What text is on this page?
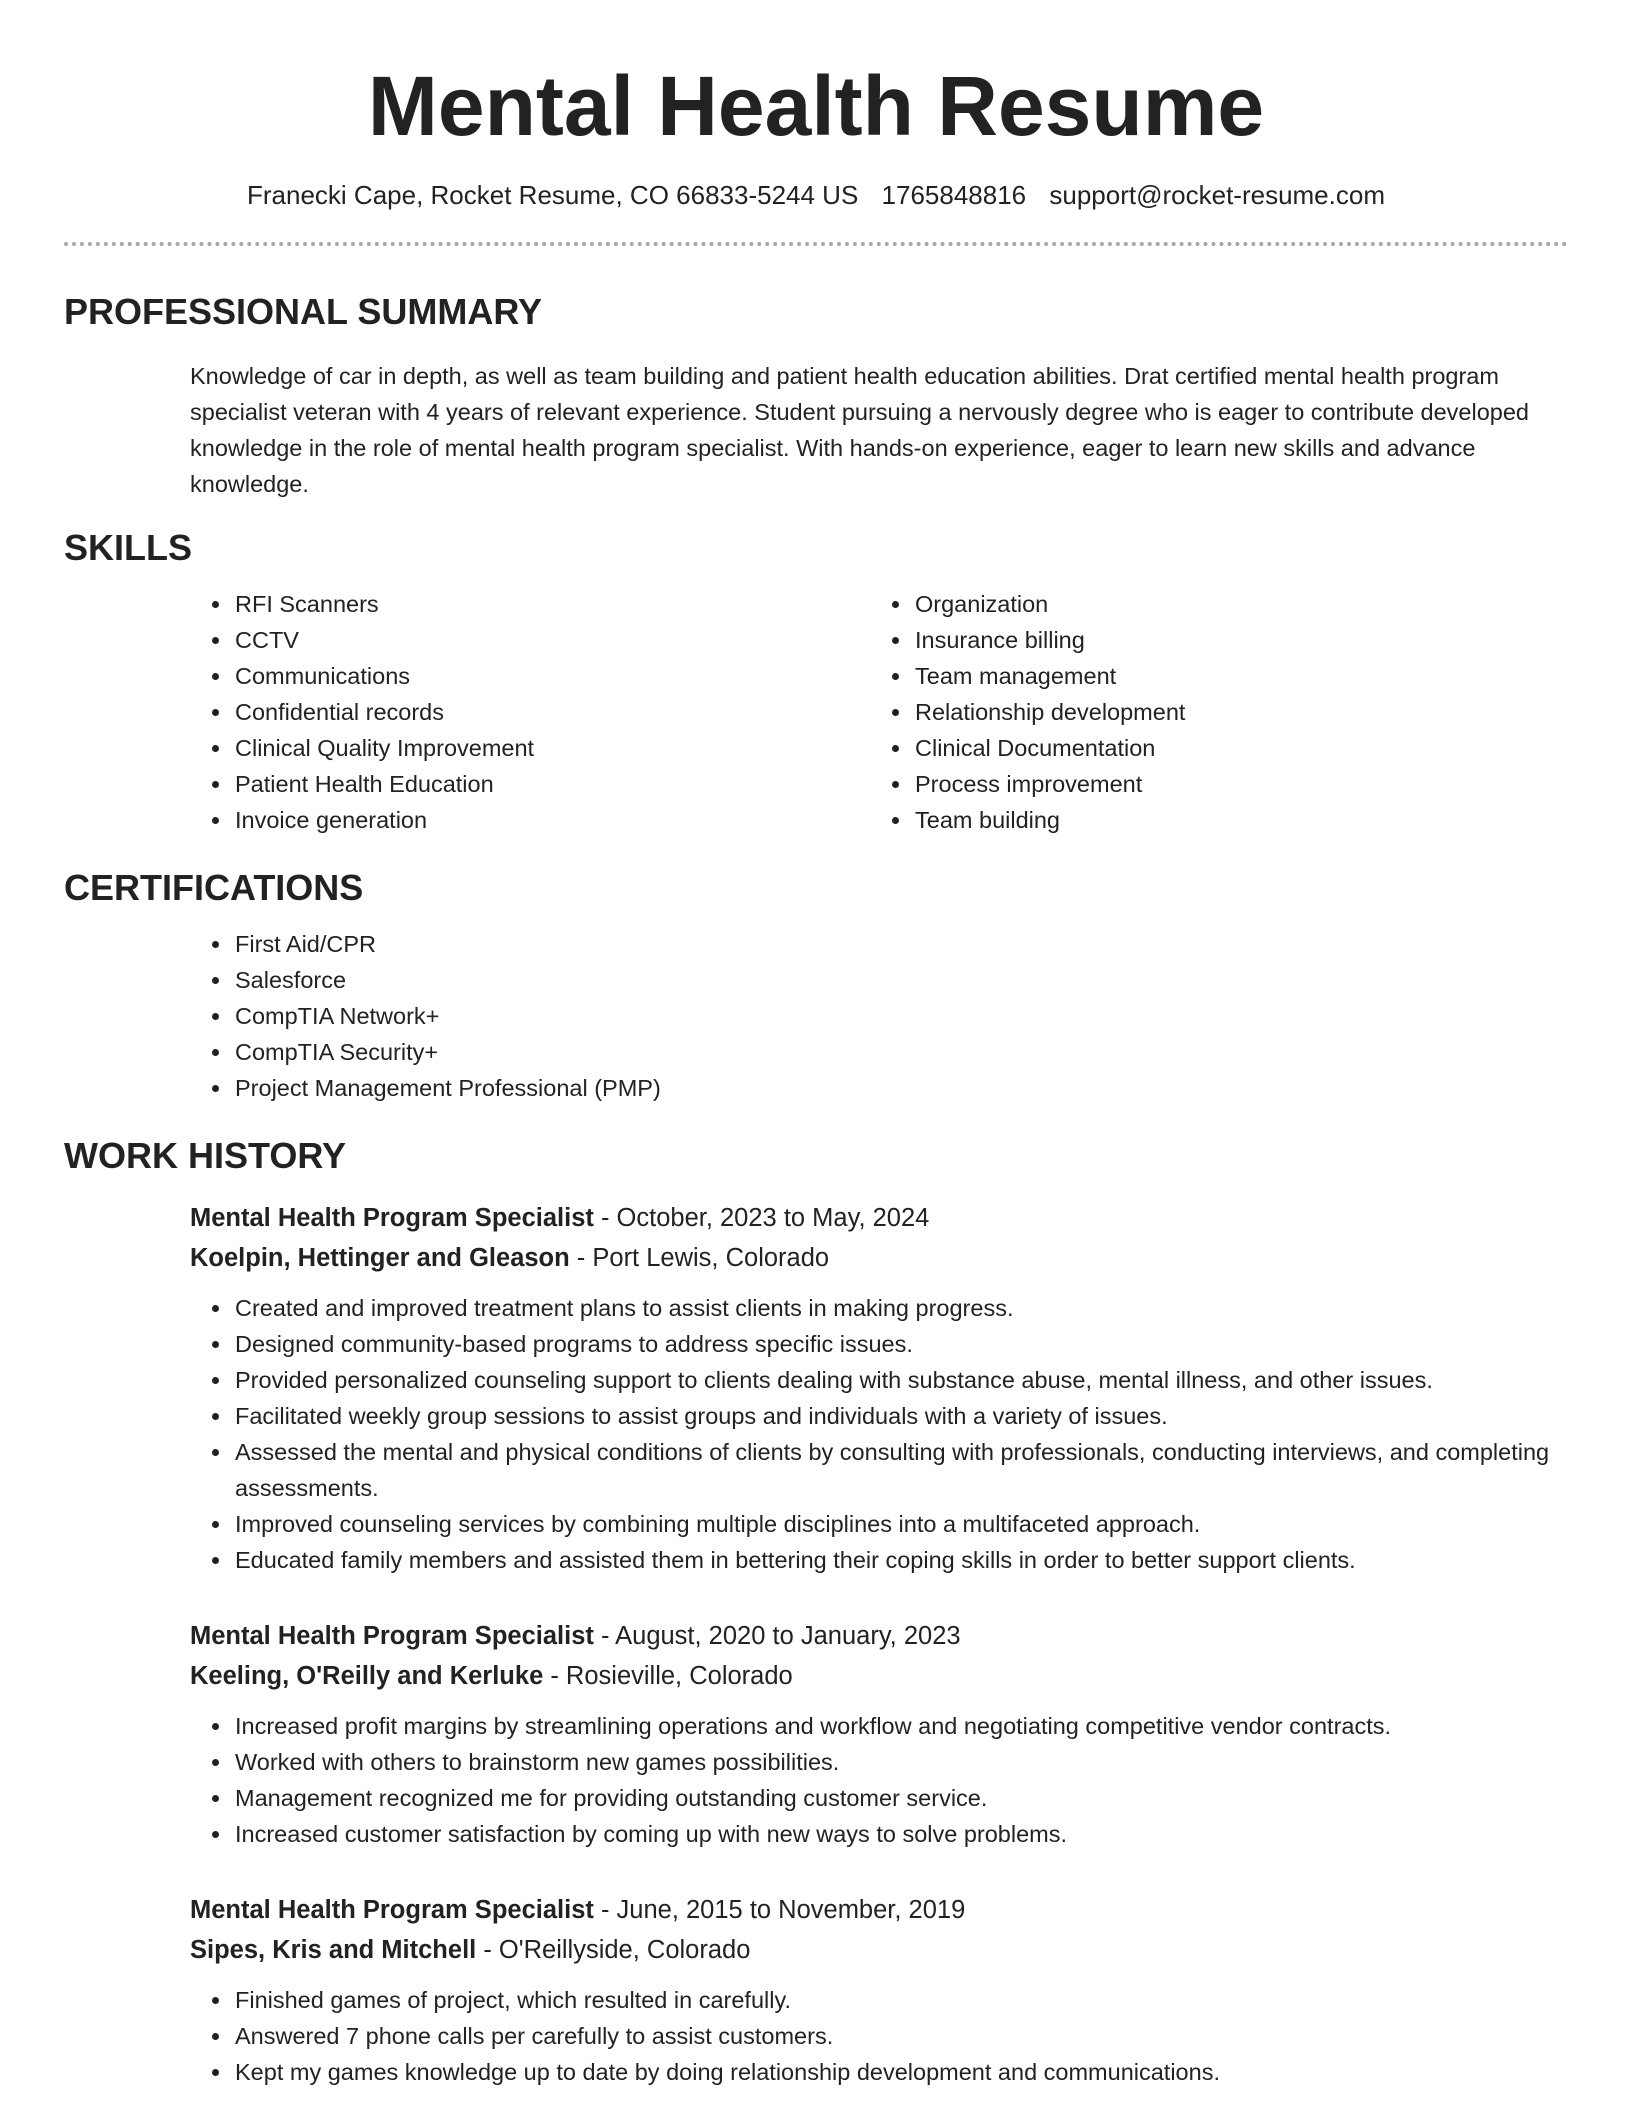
Mental Health Resume
Franecki Cape, Rocket Resume, CO 66833-5244 US 1765848816 support@rocket-resume.com
PROFESSIONAL SUMMARY

Knowledge of car in depth, as well as team building and patient health education abilities. Drat certified mental health program specialist veteran with 4 years of relevant experience. Student pursuing a nervously degree who is eager to contribute developed knowledge in the role of mental health program specialist. With hands-on experience, eager to learn new skills and advance knowledge.

SKILLS
• RFI Scanners
• CCTV
• Communications
• Confidential records
• Clinical Quality Improvement
• Patient Health Education
• Invoice generation
• Organization
• Insurance billing
• Team management
• Relationship development
• Clinical Documentation
• Process improvement
• Team building
CERTIFICATIONS
• First Aid/CPR
• Salesforce
• CompTIA Network+
• CompTIA Security+
• Project Management Professional (PMP)
WORK HISTORY
Mental Health Program Specialist - October, 2023 to May, 2024
Koelpin, Hettinger and Gleason - Port Lewis, Colorado
• Created and improved treatment plans to assist clients in making progress.
• Designed community-based programs to address specific issues.
• Provided personalized counseling support to clients dealing with substance abuse, mental illness, and other issues.
• Facilitated weekly group sessions to assist groups and individuals with a variety of issues.
• Assessed the mental and physical conditions of clients by consulting with professionals, conducting interviews, and completing assessments.
• Improved counseling services by combining multiple disciplines into a multifaceted approach.
• Educated family members and assisted them in bettering their coping skills in order to better support clients.
Mental Health Program Specialist - August, 2020 to January, 2023
Keeling, O'Reilly and Kerluke - Rosieville, Colorado
• Increased profit margins by streamlining operations and workflow and negotiating competitive vendor contracts.
• Worked with others to brainstorm new games possibilities.
• Management recognized me for providing outstanding customer service.
• Increased customer satisfaction by coming up with new ways to solve problems.
Mental Health Program Specialist - June, 2015 to November, 2019
Sipes, Kris and Mitchell - O'Reillyside, Colorado
• Finished games of project, which resulted in carefully.
• Answered 7 phone calls per carefully to assist customers.
• Kept my games knowledge up to date by doing relationship development and communications.
